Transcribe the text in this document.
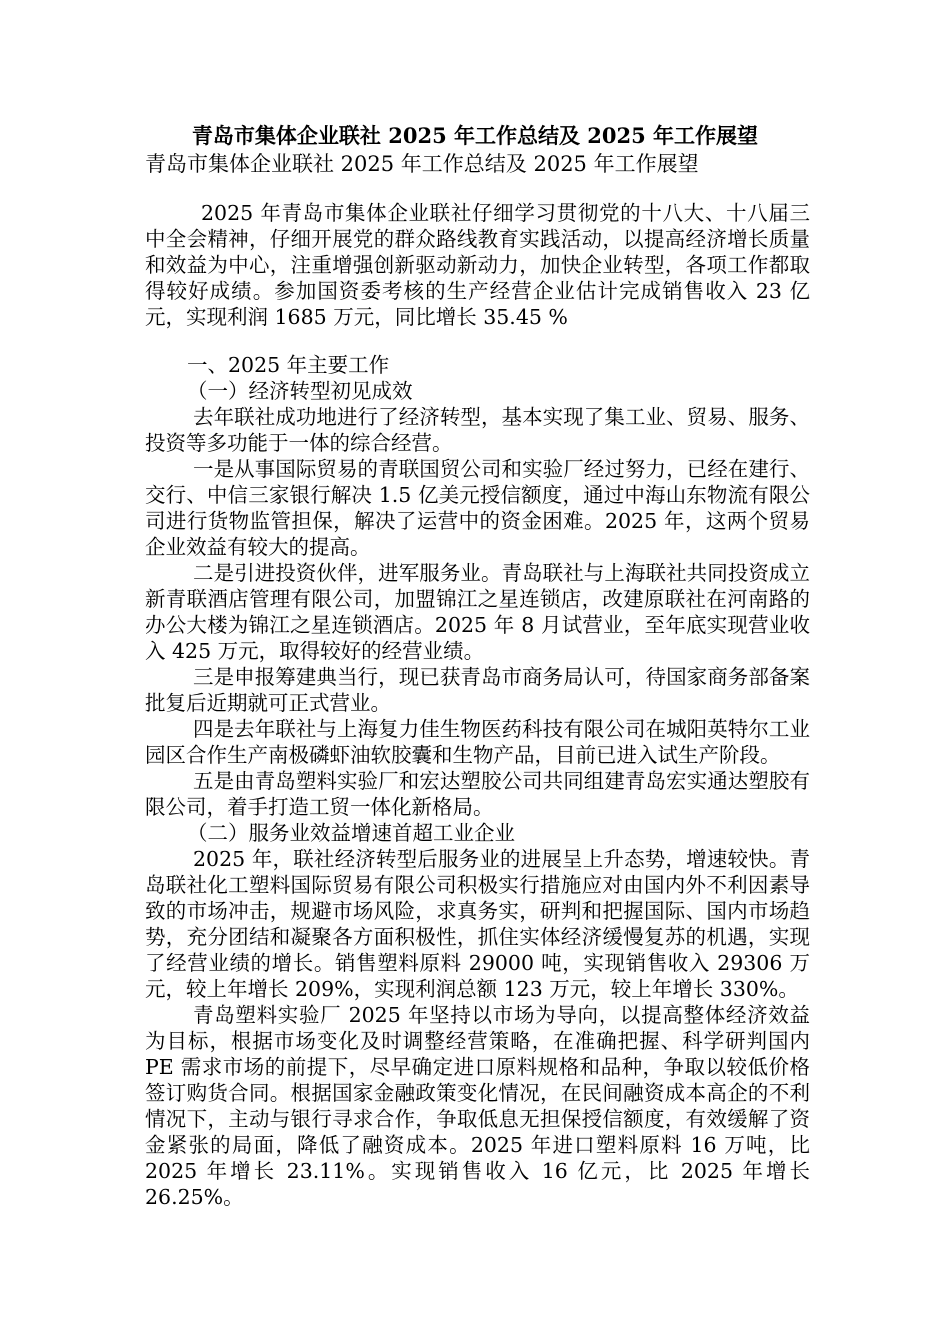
青岛市集体企业联社 2025 年工作总结及 2025 年工作展望
青岛市集体企业联社 2025 年工作总结及 2025 年工作展望

2025 年青岛市集体企业联社仔细学习贯彻党的十八大、十八届三中全会精神，仔细开展党的群众路线教育实践活动，以提高经济增长质量和效益为中心，注重增强创新驱动新动力，加快企业转型，各项工作都取得较好成绩。参加国资委考核的生产经营企业估计完成销售收入 23 亿元，实现利润 1685 万元，同比增长 35.45 %

一、2025 年主要工作

（一）经济转型初见成效

去年联社成功地进行了经济转型，基本实现了集工业、贸易、服务、投资等多功能于一体的综合经营。

一是从事国际贸易的青联国贸公司和实验厂经过努力，已经在建行、交行、中信三家银行解决 1.5 亿美元授信额度，通过中海山东物流有限公司进行货物监管担保，解决了运营中的资金困难。2025 年，这两个贸易企业效益有较大的提高。

二是引进投资伙伴，进军服务业。青岛联社与上海联社共同投资成立新青联酒店管理有限公司，加盟锦江之星连锁店，改建原联社在河南路的办公大楼为锦江之星连锁酒店。2025 年 8 月试营业，至年底实现营业收入 425 万元，取得较好的经营业绩。

三是申报筹建典当行，现已获青岛市商务局认可，待国家商务部备案批复后近期就可正式营业。

四是去年联社与上海复力佳生物医药科技有限公司在城阳英特尔工业园区合作生产南极磷虾油软胶囊和生物产品，目前已进入试生产阶段。

五是由青岛塑料实验厂和宏达塑胶公司共同组建青岛宏实通达塑胶有限公司，着手打造工贸一体化新格局。

（二）服务业效益增速首超工业企业

2025 年，联社经济转型后服务业的进展呈上升态势，增速较快。青岛联社化工塑料国际贸易有限公司积极实行措施应对由国内外不利因素导致的市场冲击，规避市场风险，求真务实，研判和把握国际、国内市场趋势，充分团结和凝聚各方面积极性，抓住实体经济缓慢复苏的机遇，实现了经营业绩的增长。销售塑料原料 29000 吨，实现销售收入 29306 万元，较上年增长 209%，实现利润总额 123 万元，较上年增长 330%。

青岛塑料实验厂 2025 年坚持以市场为导向，以提高整体经济效益为目标，根据市场变化及时调整经营策略，在准确把握、科学研判国内 PE 需求市场的前提下，尽早确定进口原料规格和品种，争取以较低价格签订购货合同。根据国家金融政策变化情况，在民间融资成本高企的不利情况下，主动与银行寻求合作，争取低息无担保授信额度，有效缓解了资金紧张的局面，降低了融资成本。2025 年进口塑料原料 16 万吨，比 2025 年增长 23.11%。实现销售收入 16 亿元，比 2025 年增长 26.25%。
